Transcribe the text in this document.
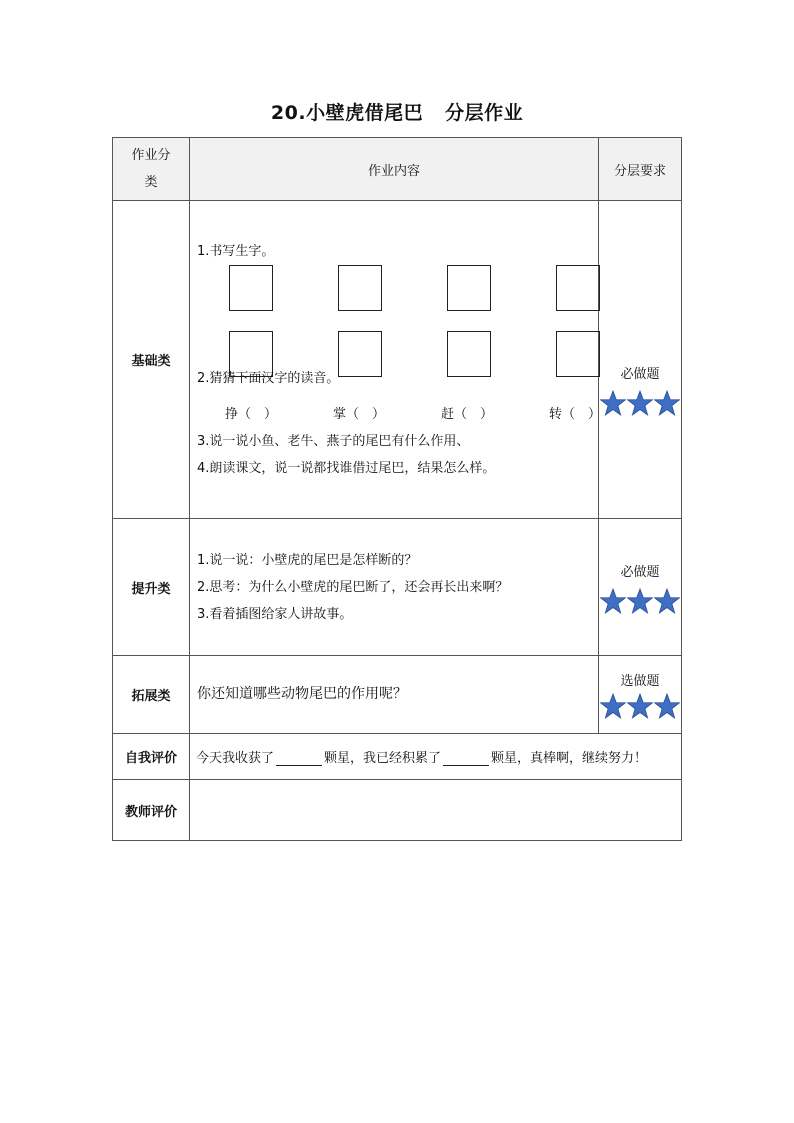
20.小壁虎借尾巴 分层作业
作业分类	作业内容	分层要求
基础类	1.书写生字。
2.猜猜下面汉字的读音。
挣（　） 掌（　） 赶（　） 转（　）
3.说一说小鱼、老牛、燕子的尾巴有什么作用、
4.朗读课文，说一说都找谁借过尾巴，结果怎么样。	必做题

提升类	1.说一说：小壁虎的尾巴是怎样断的？
2.思考：为什么小壁虎的尾巴断了，还会再长出来啊？
3.看着插图给家人讲故事。	必做题

拓展类	你还知道哪些动物尾巴的作用呢？	选做题

自我评价	今天我收获了 颗星，我已经积累了 颗星，真棒啊，继续努力！	
教师评价		
